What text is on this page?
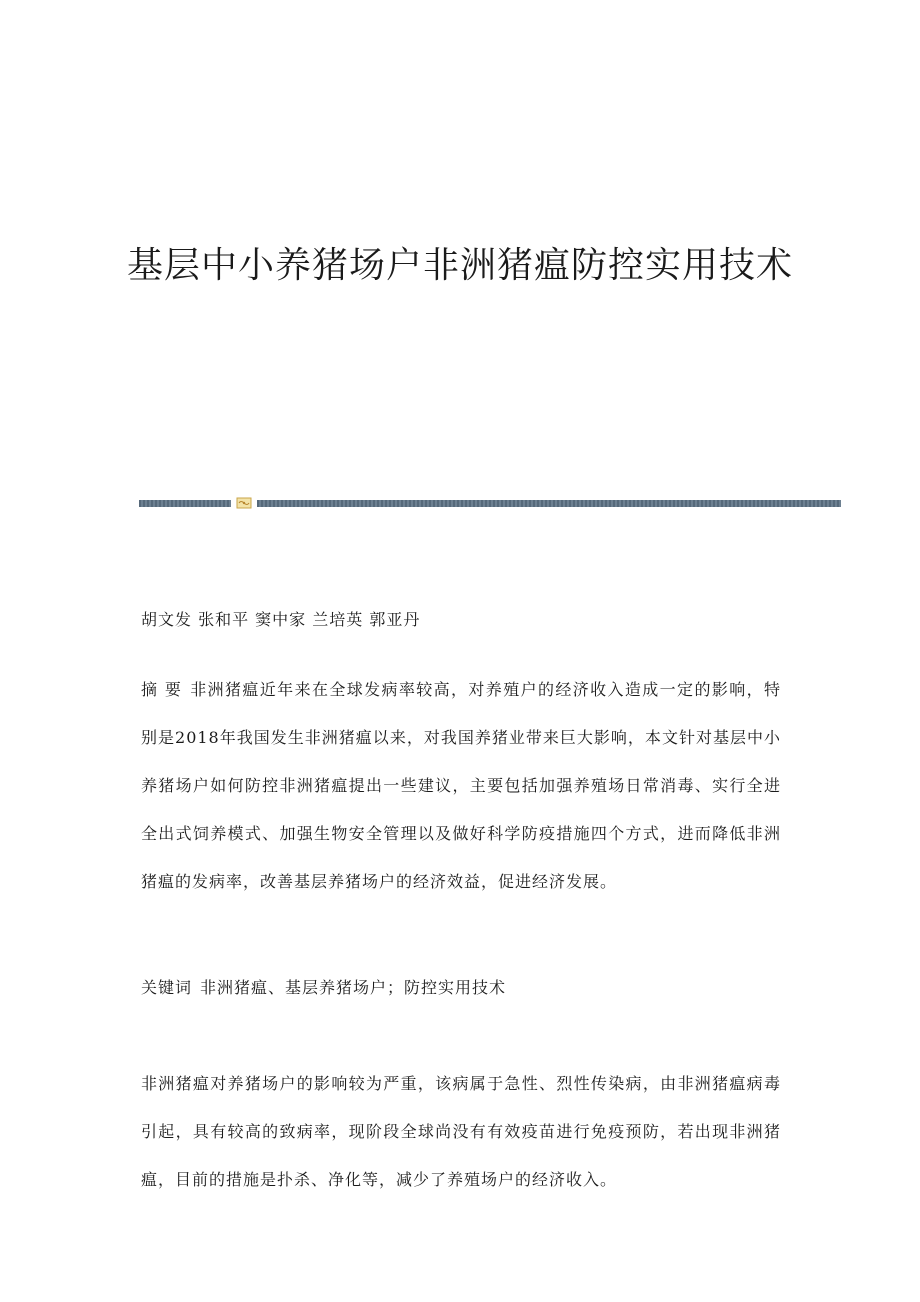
基层中小养猪场户非洲猪瘟防控实用技术

胡文发 张和平 窦中家 兰培英 郭亚丹

摘 要 非洲猪瘟近年来在全球发病率较高，对养殖户的经济收入造成一定的影响，特别是2018年我国发生非洲猪瘟以来，对我国养猪业带来巨大影响，本文针对基层中小养猪场户如何防控非洲猪瘟提出一些建议，主要包括加强养殖场日常消毒、实行全进全出式饲养模式、加强生物安全管理以及做好科学防疫措施四个方式，进而降低非洲猪瘟的发病率，改善基层养猪场户的经济效益，促进经济发展。

关键词 非洲猪瘟、基层养猪场户；防控实用技术

非洲猪瘟对养猪场户的影响较为严重，该病属于急性、烈性传染病，由非洲猪瘟病毒引起，具有较高的致病率，现阶段全球尚没有有效疫苗进行免疫预防，若出现非洲猪瘟，目前的措施是扑杀、净化等，减少了养殖场户的经济收入。
